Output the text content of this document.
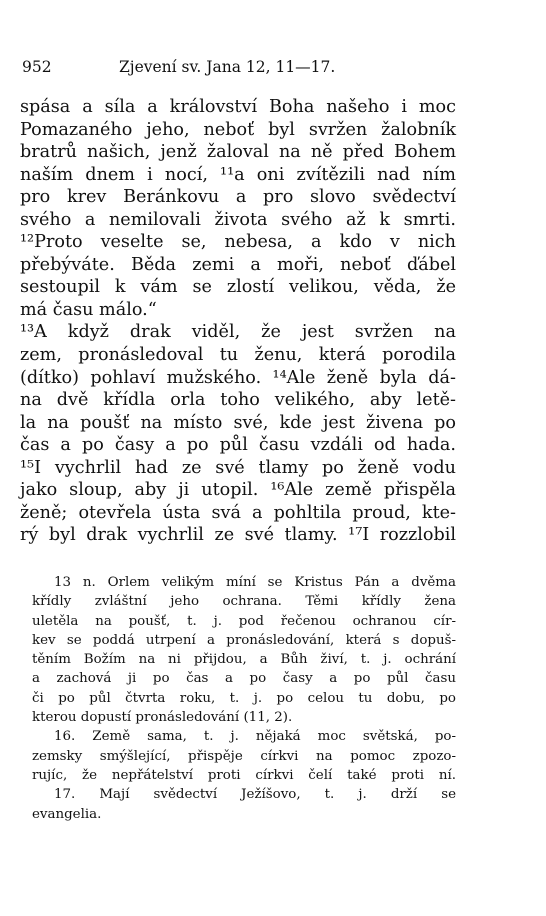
952	Zjevení sv. Jana 12, 11—17.
spása a síla a království Boha našeho i moc
Pomazaného jeho, neboť byl svržen žalobník
bratrů našich, jenž žaloval na ně před Bohem
naším dnem i nocí, ¹¹a oni zvítězili nad ním
pro krev Beránkovu a pro slovo svědectví
svého a nemilovali života svého až k smrti.
¹²Proto veselte se, nebesa, a kdo v nich
přebýváte. Běda zemi a moři, neboť ďábel
sestoupil k vám se zlostí velikou, věda, že
má času málo.“
¹³A když drak viděl, že jest svržen na
zem, pronásledoval tu ženu, která porodila
(dítko) pohlaví mužského. ¹⁴Ale ženě byla dá-
na dvě křídla orla toho velikého, aby letě-
la na poušť na místo své, kde jest živena po
čas a po časy a po půl času vzdáli od hada.
¹⁵I vychrlil had ze své tlamy po ženě vodu
jako sloup, aby ji utopil. ¹⁶Ale země přispěla
ženě; otevřela ústa svá a pohltila proud, kte-
rý byl drak vychrlil ze své tlamy. ¹⁷I rozzlobil
13 n. Orlem velikým míní se Kristus Pán a dvěma
křídly zvláštní jeho ochrana. Těmi křídly žena
uletěla na poušť, t. j. pod řečenou ochranou cír-
kev se poddá utrpení a pronásledování, která s dopuš-
těním Božím na ni přijdou, a Bůh živí, t. j. ochrání
a zachová ji po čas a po časy a po půl času
či po půl čtvrta roku, t. j. po celou tu dobu, po
kterou dopustí pronásledování (11, 2).
16. Země sama, t. j. nějaká moc světská, po-
zemsky smýšlející, přispěje církvi na pomoc zpozo-
rujíc, že nepřátelství proti církvi čelí také proti ní.
17. Mají svědectví Ježíšovo, t. j. drží se
evangelia.
